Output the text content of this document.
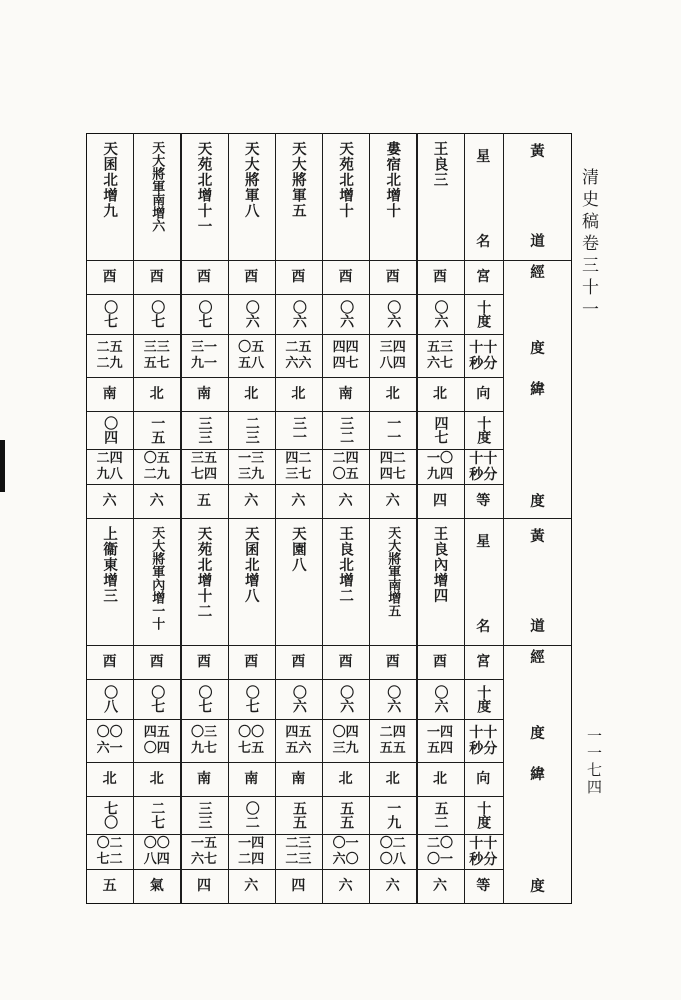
清史稿卷三十一
一一七四
王良三
酉
〇六
五三
六七
北
四七
一〇
九四
四
婁宿北增十
酉
〇六
三四
八四
北
一一
四二
四七
六
天苑北增十
酉
〇六
四四
四七
南
三二
二四
〇五
六
天大將軍五
酉
〇六
二五
六六
北
三一
四二
三七
六
天大將軍八
酉
〇六
〇五
五八
北
二三
一三
三九
六
天苑北增十一
酉
〇七
三一
九一
南
三三
三五
七四
五
天大將軍南增六
酉
〇七
三三
五七
北
一五
〇五
二九
六
天囷北增九
酉
〇七
二五
二九
南
〇四
二四
九八
六
星
名
宮
十度
十十
秒分
向
十度
十十
秒分
等
黃
道
經
度
緯
度
王良內增四
酉
〇六
一四
五四
北
五二
二〇
〇一
六
天大將軍南增五
酉
〇六
二四
五五
北
一九
〇二
〇八
六
王良北增二
酉
〇六
〇四
三九
北
五五
〇一
六〇
六
天園八
酉
〇六
四五
五六
南
五五
二三
二三
四
天囷北增八
酉
〇七
〇〇
七五
南
〇二
一四
二四
六
天苑北增十二
酉
〇七
〇三
九七
南
三三
一五
六七
四
天大將軍內增一十
酉
〇七
四五
〇四
北
二七
〇〇
八四
氣
上衞東增三
酉
〇八
〇〇
六一
北
七〇
〇二
七二
五
星
名
宮
十度
十十
秒分
向
十度
十十
秒分
等
黃
道
經
度
緯
度
